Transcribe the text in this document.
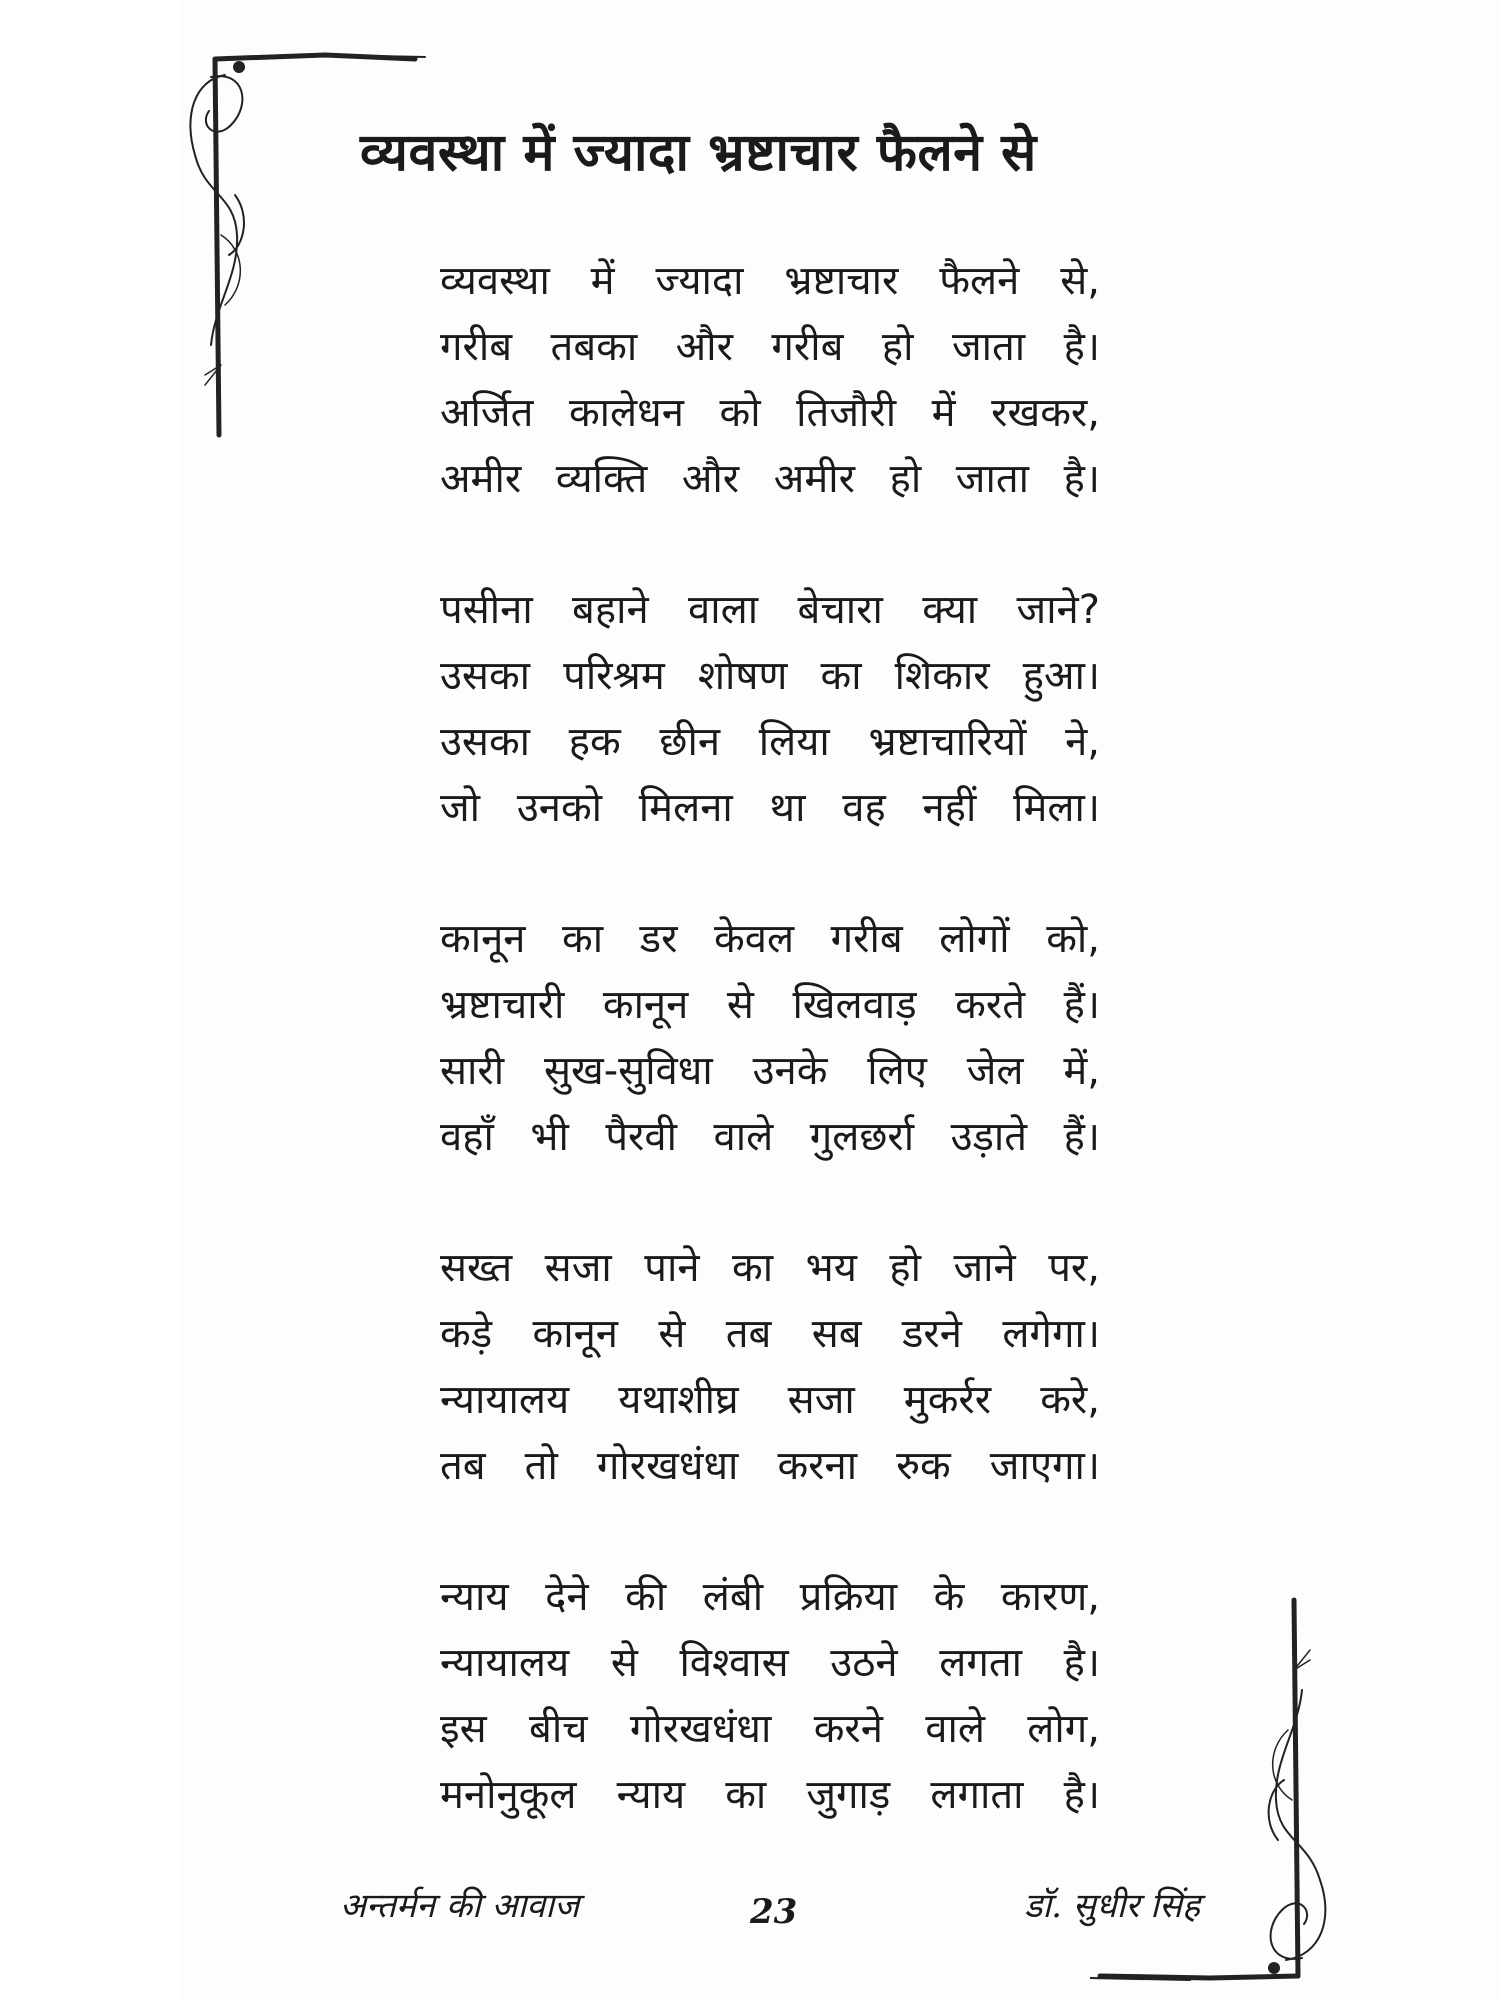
व्यवस्था में ज्यादा भ्रष्टाचार फैलने से
व्यवस्था में ज्यादा भ्रष्टाचार फैलने से,
गरीब तबका और गरीब हो जाता है।
अर्जित कालेधन को तिजौरी में रखकर,
अमीर व्यक्ति और अमीर हो जाता है।
पसीना बहाने वाला बेचारा क्या जाने?
उसका परिश्रम शोषण का शिकार हुआ।
उसका हक छीन लिया भ्रष्टाचारियों ने,
जो उनको मिलना था वह नहीं मिला।
कानून का डर केवल गरीब लोगों को,
भ्रष्टाचारी कानून से खिलवाड़ करते हैं।
सारी सुख-सुविधा उनके लिए जेल में,
वहाँ भी पैरवी वाले गुलछर्रा उड़ाते हैं।
सख्त सजा पाने का भय हो जाने पर,
कड़े कानून से तब सब डरने लगेगा।
न्यायालय यथाशीघ्र सजा मुकर्रर करे,
तब तो गोरखधंधा करना रुक जाएगा।
न्याय देने की लंबी प्रक्रिया के कारण,
न्यायालय से विश्वास उठने लगता है।
इस बीच गोरखधंधा करने वाले लोग,
मनोनुकूल न्याय का जुगाड़ लगाता है।
अन्तर्मन की आवाज	23	डॉ. सुधीर सिंह
